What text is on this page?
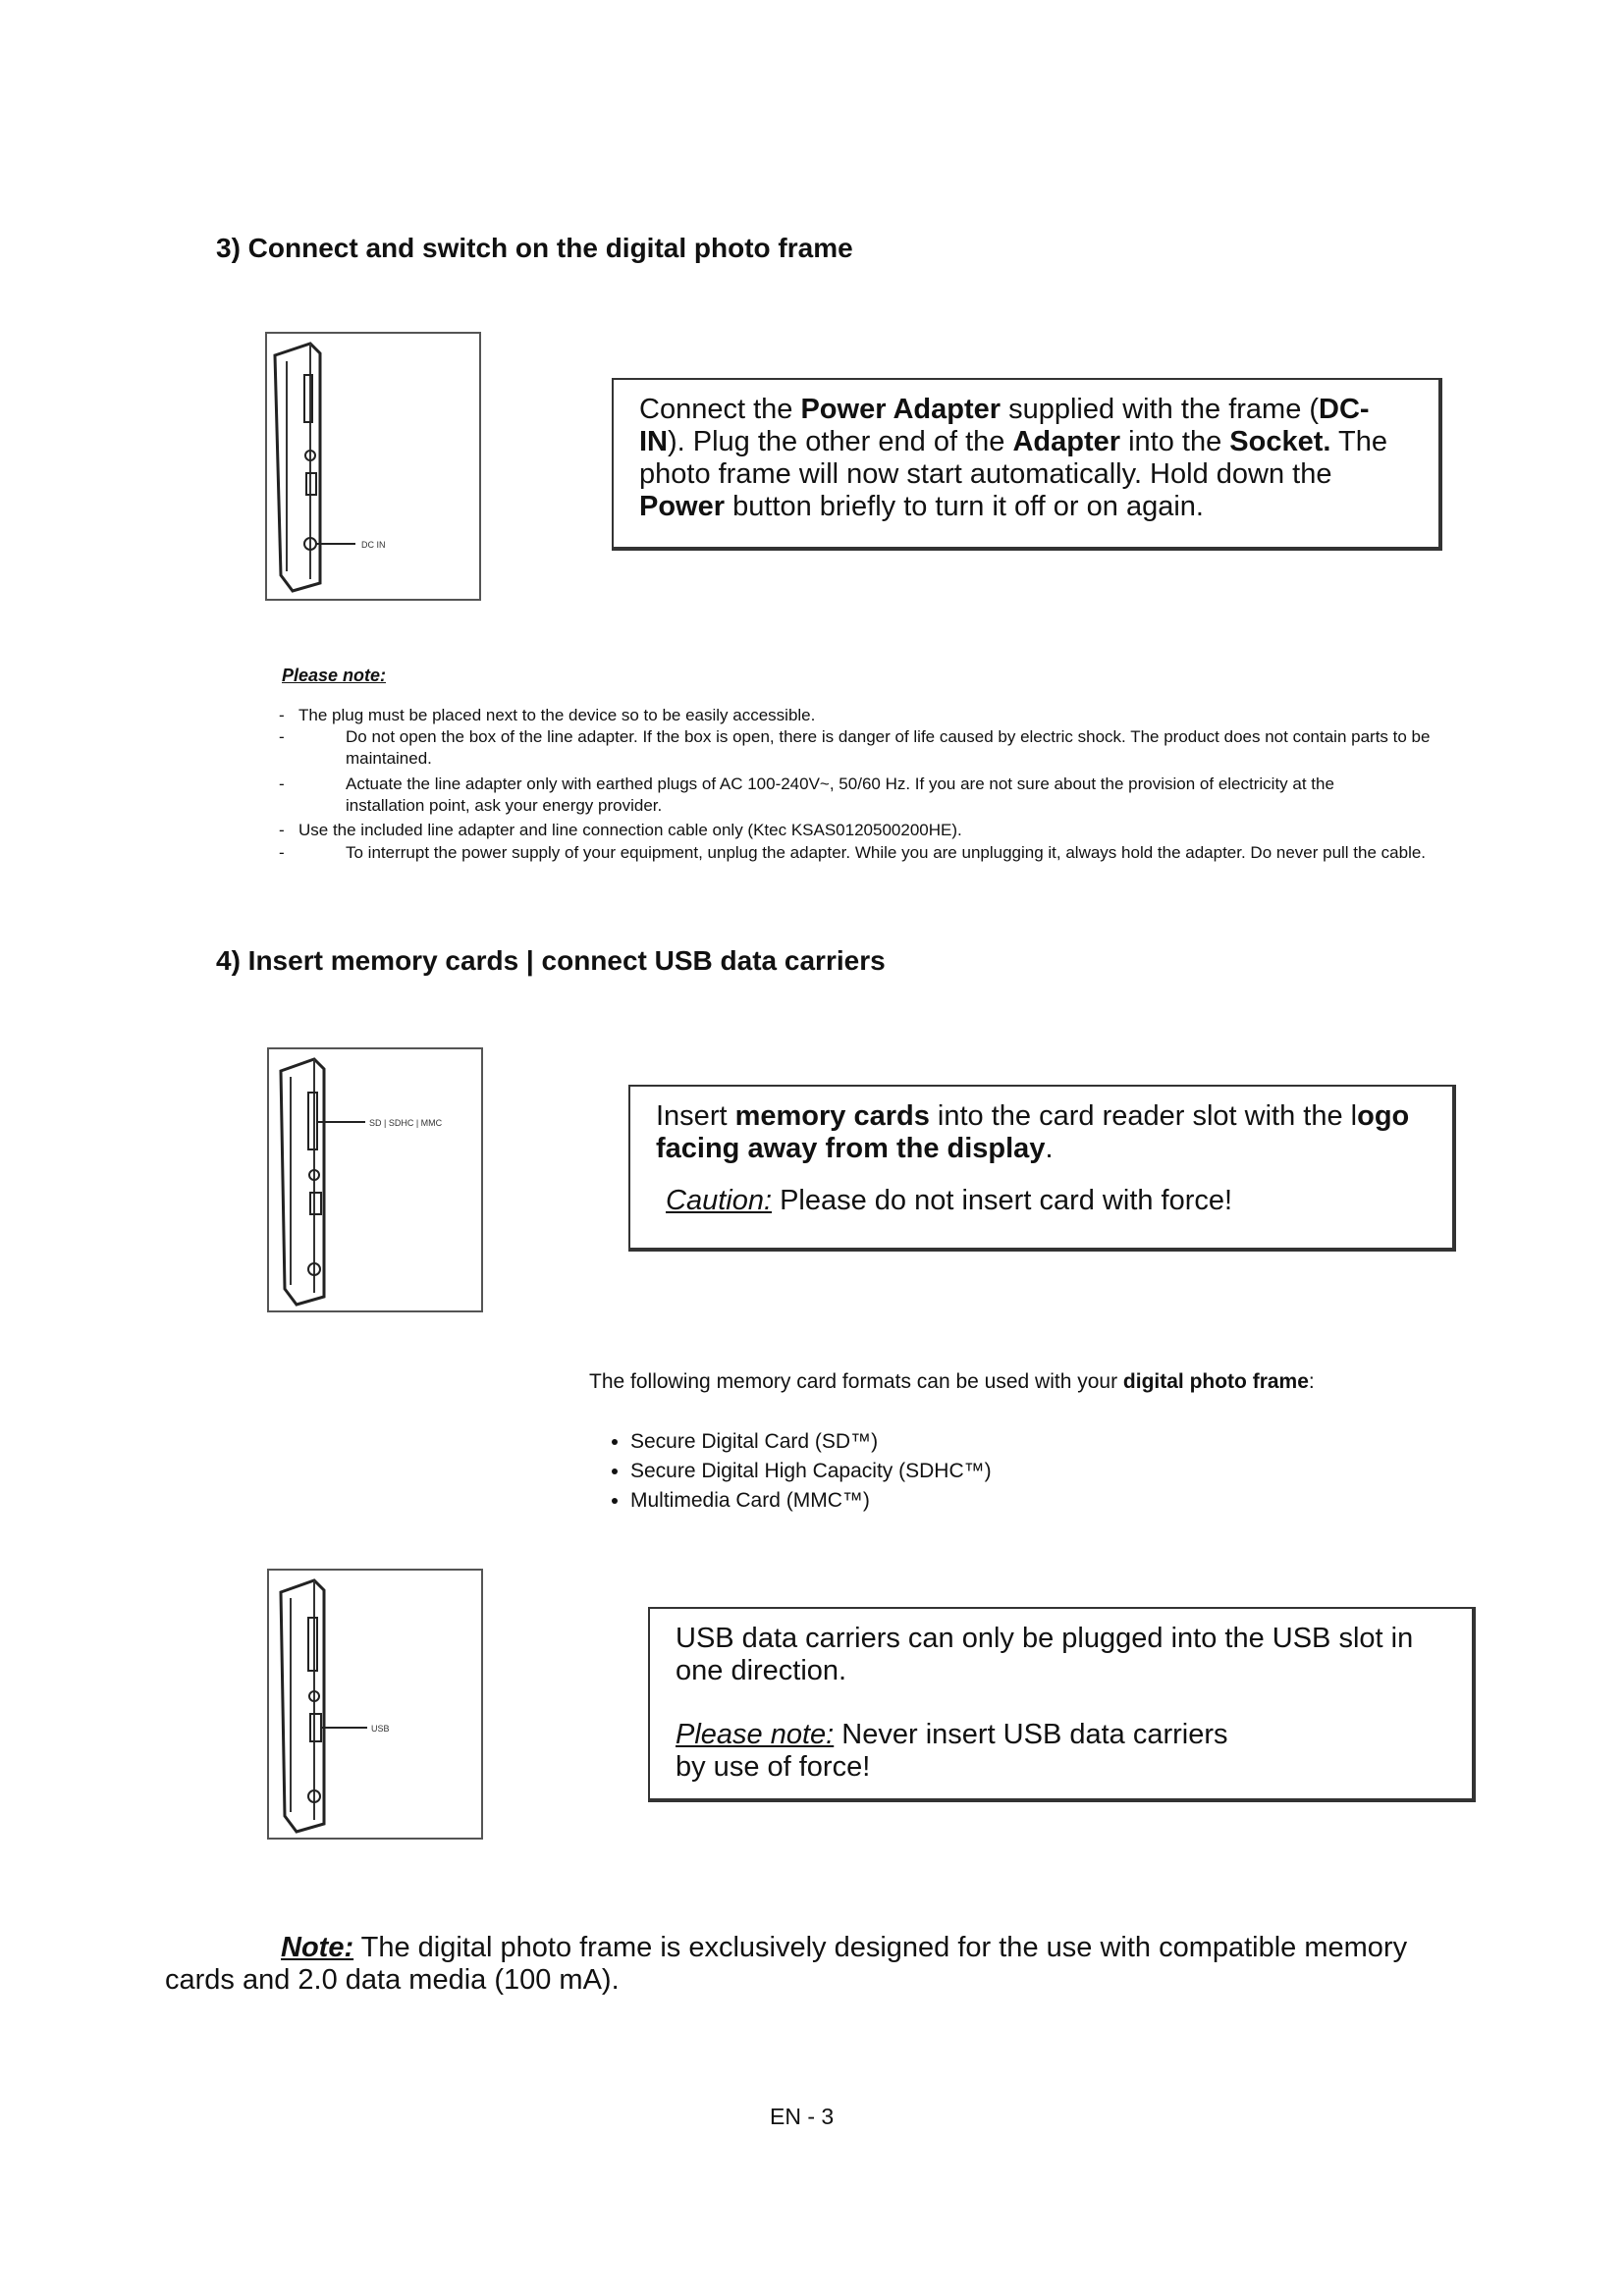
3) Connect and switch on the digital photo frame
DC IN

Connect the Power Adapter supplied with the frame (DC-IN). Plug the other end of the Adapter into the Socket. The photo frame will now start automatically. Hold down the Power button briefly to turn it off or on again.

Please note:
- The plug must be placed next to the device so to be easily accessible.
-	Do not open the box of the line adapter. If the box is open, there is danger of life caused by electric shock. The product does not contain parts to be maintained.
-	Actuate the line adapter only with earthed plugs of AC 100-240V~, 50/60 Hz. If you are not sure about the provision of electricity at the installation point, ask your energy provider.
- Use the included line adapter and line connection cable only (Ktec KSAS0120500200HE).
-	To interrupt the power supply of your equipment, unplug the adapter. While you are unplugging it, always hold the adapter. Do never pull the cable.
4) Insert memory cards | connect USB data carriers
SD | SDHC | MMC	Insert memory cards into the card reader slot with the logo facing away from the display.

Caution: Please do not insert card with force!

The following memory card formats can be used with your digital photo frame:
• Secure Digital Card (SD™)
• Secure Digital High Capacity (SDHC™)
• Multimedia Card (MMC™)
USB

USB data carriers can only be plugged into the USB slot in one direction.

Please note: Never insert USB data carriers
by use of force!

Note: The digital photo frame is exclusively designed for the use with compatible memory cards and 2.0 data media (100 mA).
EN - 3
